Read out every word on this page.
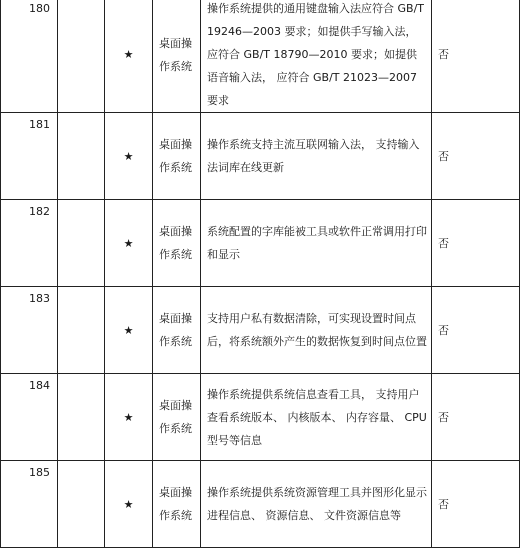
180		★	桌面操作系统	操作系统提供的通用键盘输入法应符合 GB/T 19246—2003 要求；如提供手写输入法， 应符合 GB/T 18790—2010 要求；如提供语音输入法， 应符合 GB/T 21023—2007 要求	否
181		★	桌面操作系统	操作系统支持主流互联网输入法， 支持输入法词库在线更新	否
182		★	桌面操作系统	系统配置的字库能被工具或软件正常调用打印和显示	否
183		★	桌面操作系统	支持用户私有数据清除，可实现设置时间点后，将系统额外产生的数据恢复到时间点位置	否
184		★	桌面操作系统	操作系统提供系统信息查看工具， 支持用户查看系统版本、 内核版本、 内存容量、 CPU 型号等信息	否
185		★	桌面操作系统	操作系统提供系统资源管理工具并图形化显示进程信息、 资源信息、 文件资源信息等	否
